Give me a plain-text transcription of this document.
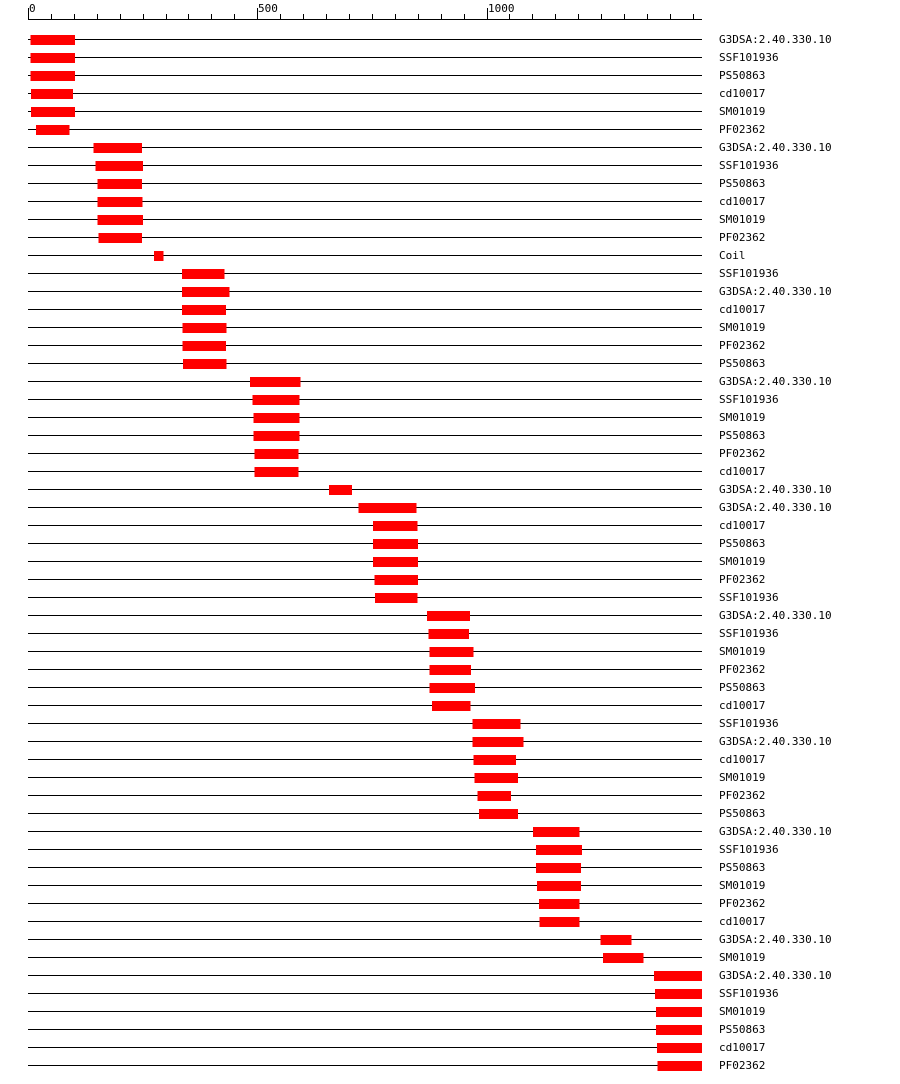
0	500	1000
G3DSA:2.40.330.10
SSF101936
PS50863
cd10017
SM01019
PF02362
G3DSA:2.40.330.10
SSF101936
PS50863
cd10017
SM01019
PF02362
Coil
SSF101936
G3DSA:2.40.330.10
cd10017
SM01019
PF02362
PS50863
G3DSA:2.40.330.10
SSF101936
SM01019
PS50863
PF02362
cd10017
G3DSA:2.40.330.10
G3DSA:2.40.330.10
cd10017
PS50863
SM01019
PF02362
SSF101936
G3DSA:2.40.330.10
SSF101936
SM01019
PF02362
PS50863
cd10017
SSF101936
G3DSA:2.40.330.10
cd10017
SM01019
PF02362
PS50863
G3DSA:2.40.330.10
SSF101936
PS50863
SM01019
PF02362
cd10017
G3DSA:2.40.330.10
SM01019
G3DSA:2.40.330.10
SSF101936
SM01019
PS50863
cd10017
PF02362
